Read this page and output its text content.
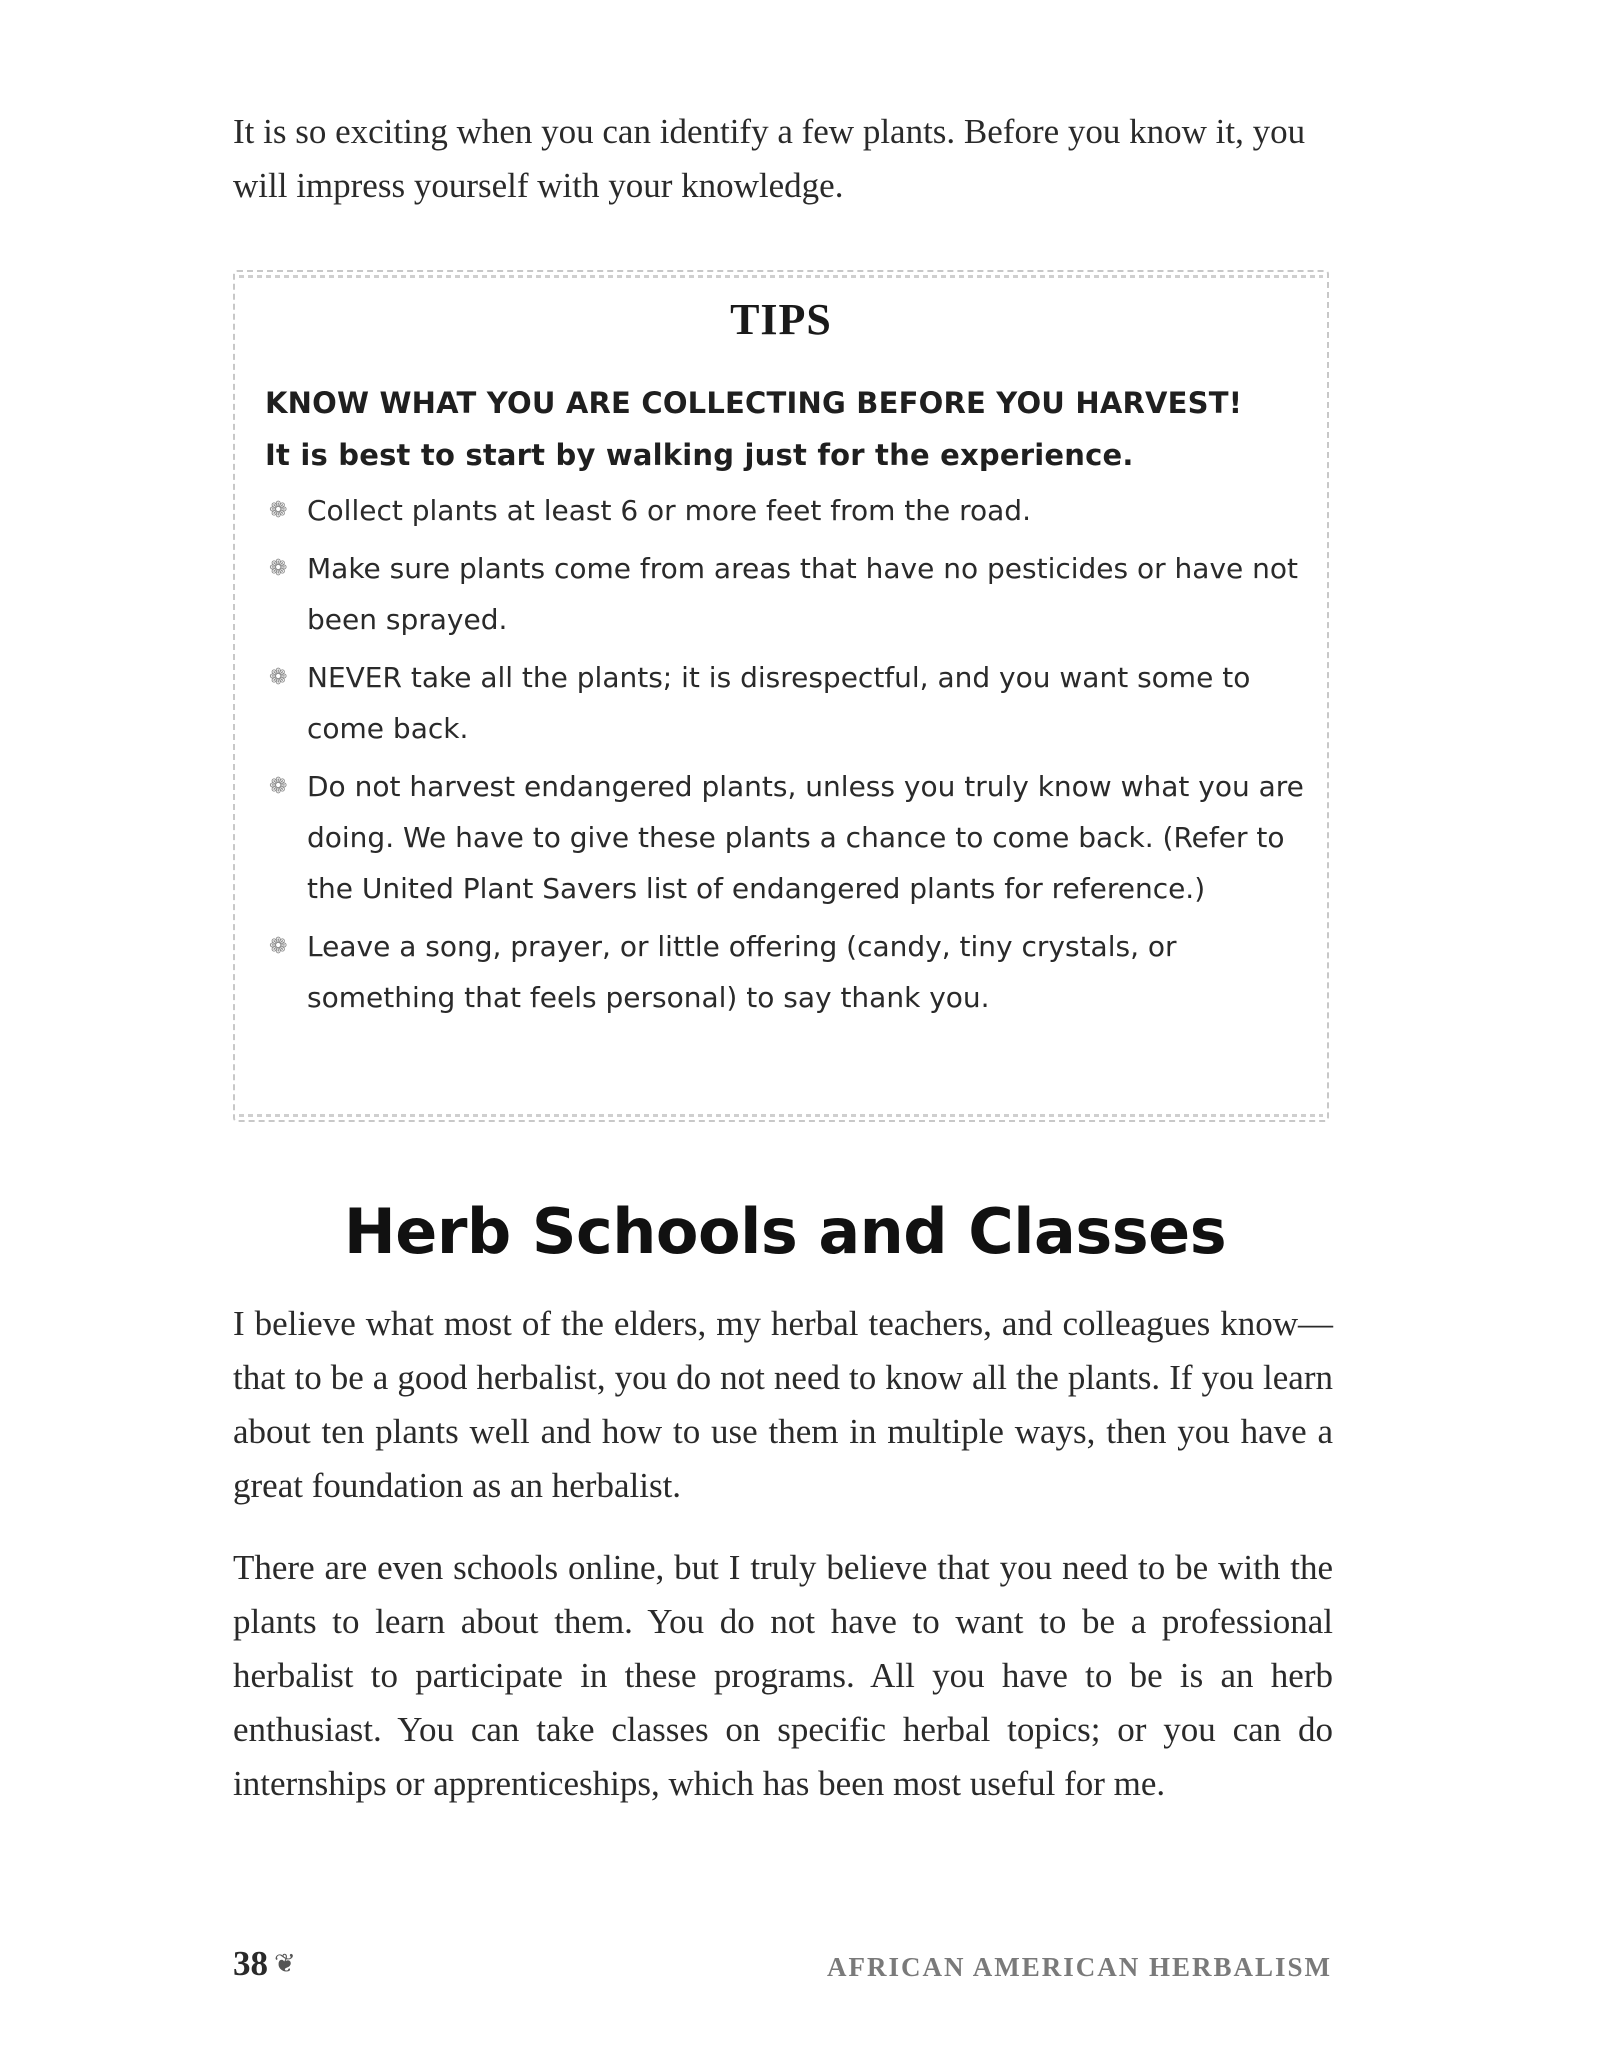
It is so exciting when you can identify a few plants. Before you know it, you will impress yourself with your knowledge.

TIPS
KNOW WHAT YOU ARE COLLECTING BEFORE YOU HARVEST!
It is best to start by walking just for the experience.
❁ Collect plants at least 6 or more feet from the road.
❁ Make sure plants come from areas that have no pesticides or have not been sprayed.
❁ NEVER take all the plants; it is disrespectful, and you want some to come back.
❁ Do not harvest endangered plants, unless you truly know what you are doing. We have to give these plants a chance to come back. (Refer to the United Plant Savers list of endangered plants for reference.)
❁ Leave a song, prayer, or little offering (candy, tiny crystals, or something that feels personal) to say thank you.
Herb Schools and Classes

I believe what most of the elders, my herbal teachers, and colleagues know—that to be a good herbalist, you do not need to know all the plants. If you learn about ten plants well and how to use them in multiple ways, then you have a great foundation as an herbalist.

There are even schools online, but I truly believe that you need to be with the plants to learn about them. You do not have to want to be a professional herbalist to participate in these programs. All you have to be is an herb enthusiast. You can take classes on specific herbal topics; or you can do internships or apprenticeships, which has been most useful for me.

38 ❦	AFRICAN AMERICAN HERBALISM
